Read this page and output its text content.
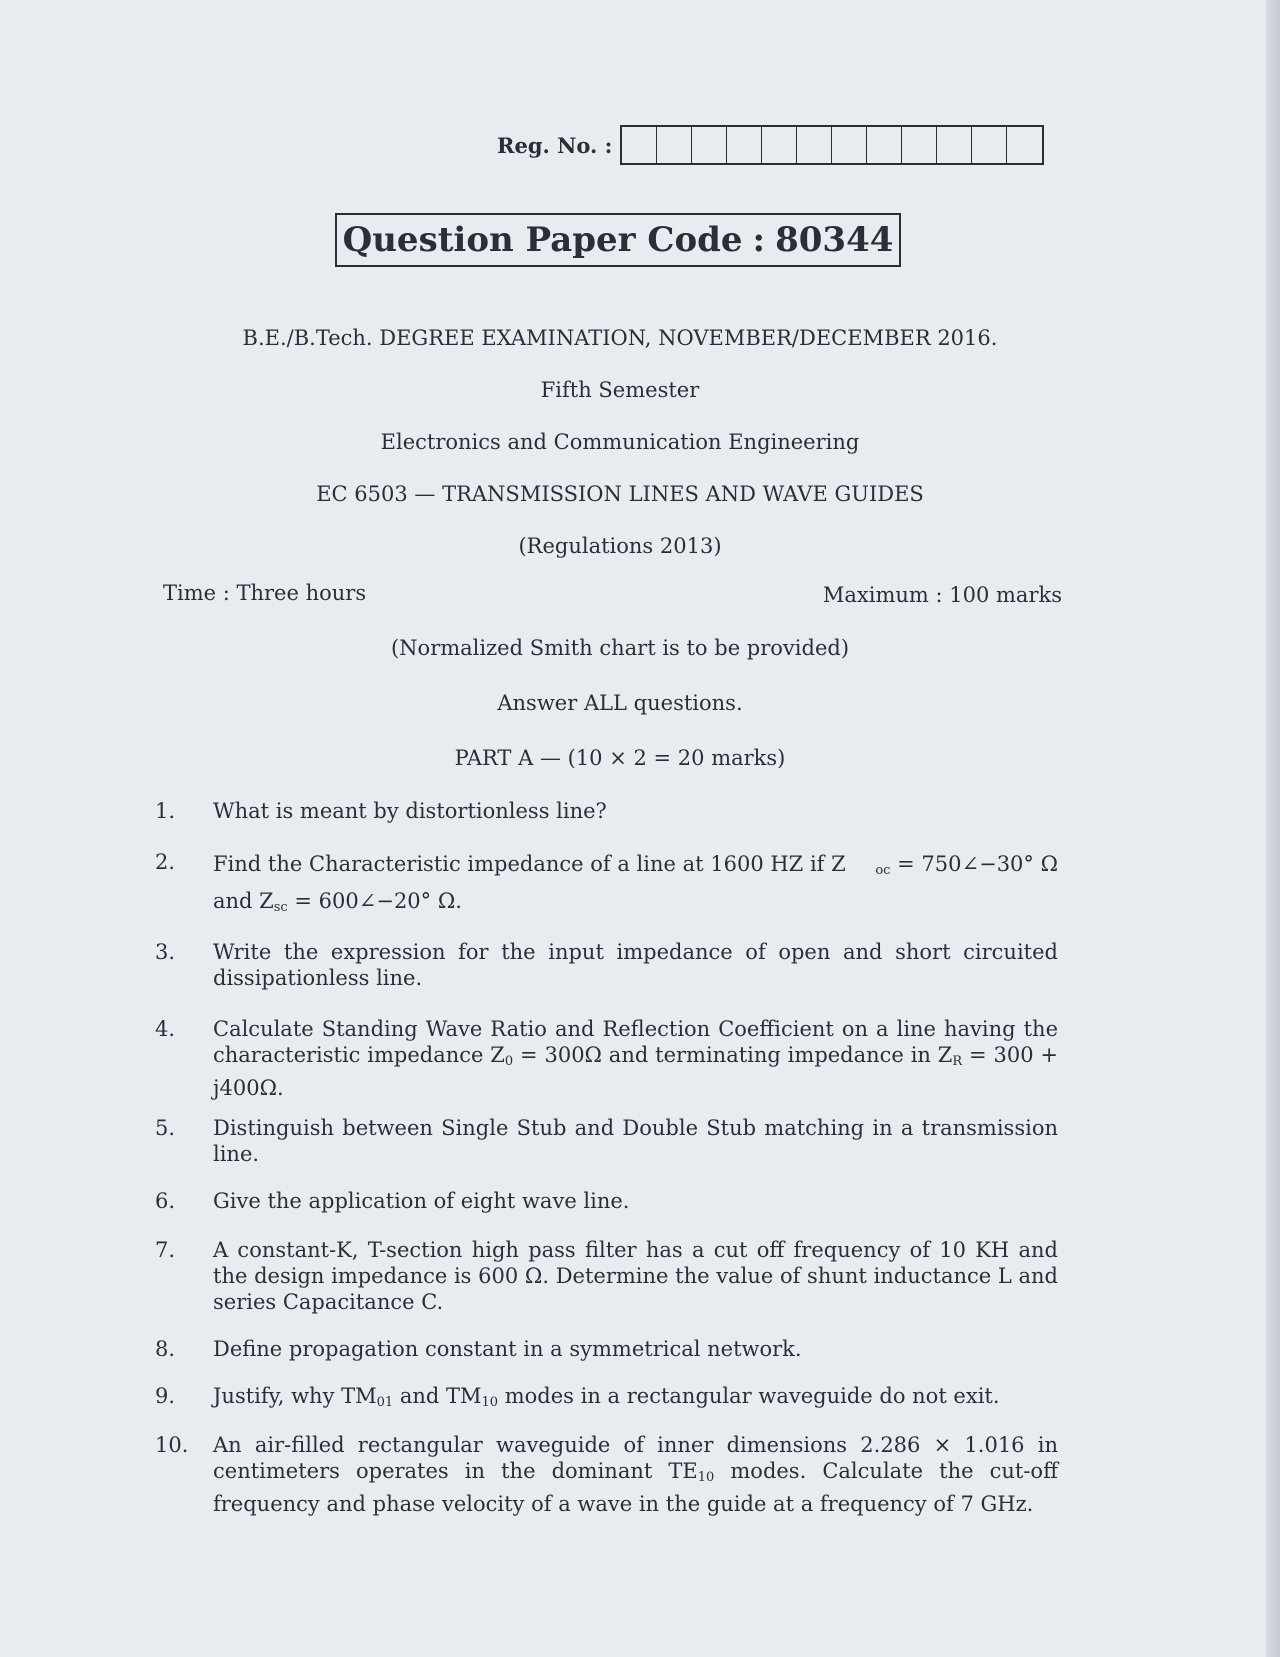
Reg. No. :
Question Paper Code : 80344
B.E./B.Tech. DEGREE EXAMINATION, NOVEMBER/DECEMBER 2016.
Fifth Semester
Electronics and Communication Engineering
EC 6503 — TRANSMISSION LINES AND WAVE GUIDES
(Regulations 2013)
Time : Three hours	Maximum : 100 marks
(Normalized Smith chart is to be provided)
Answer ALL questions.
PART A — (10 × 2 = 20 marks)
1.	What is meant by distortionless line?
2.	Find the Characteristic impedance of a line at 1600 HZ if Z $_{oc}$ = 750∠−30° Ω
and $Z_{sc}$ = 600∠−20° Ω.
3.	Write the expression for the input impedance of open and short circuited dissipationless line.
4.	Calculate Standing Wave Ratio and Reflection Coefficient on a line having the characteristic impedance $Z_0 = 300\Omega$ and terminating impedance in $Z_R = 300 + j400\Omega$.
5.	Distinguish between Single Stub and Double Stub matching in a transmission line.
6.	Give the application of eight wave line.
7.	A constant-K, T-section high pass filter has a cut off frequency of 10 KH and the design impedance is 600 Ω. Determine the value of shunt inductance L and series Capacitance C.
8.	Define propagation constant in a symmetrical network.
9.	Justify, why $TM_{01}$ and $TM_{10}$ modes in a rectangular waveguide do not exit.
10.	An air-filled rectangular waveguide of inner dimensions 2.286 × 1.016 in centimeters operates in the dominant $TE_{10}$ modes. Calculate the cut-off frequency and phase velocity of a wave in the guide at a frequency of 7 GHz.
